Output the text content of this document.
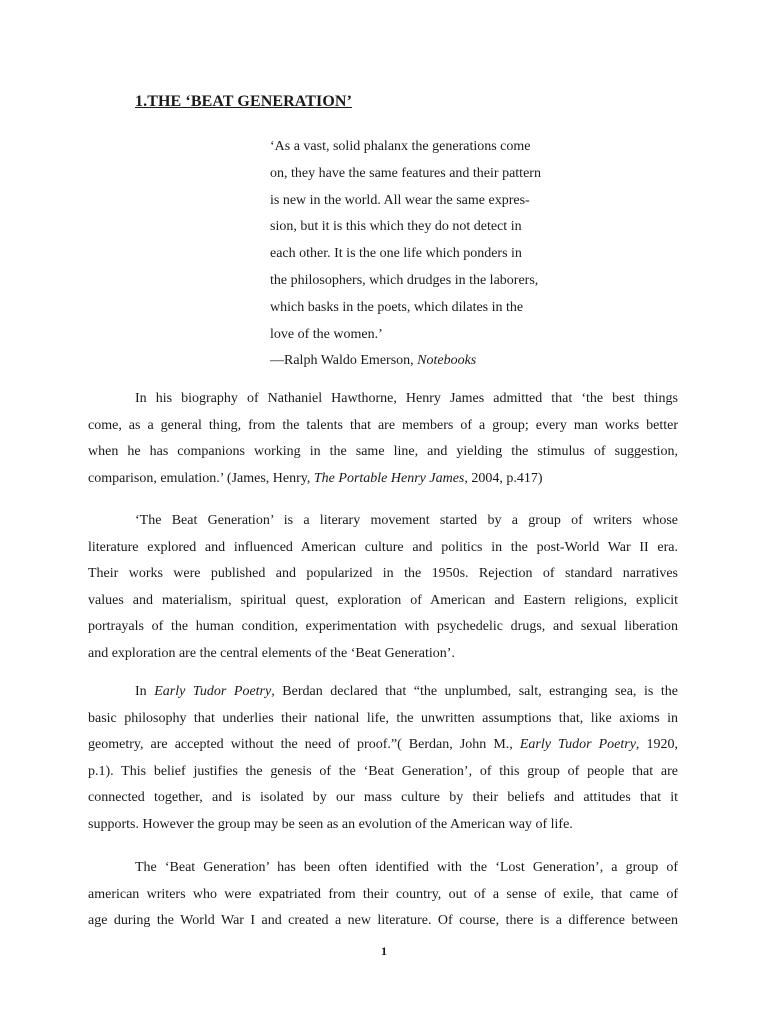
1.THE ‘BEAT GENERATION’
‘As a vast, solid phalanx the generations come
on, they have the same features and their pattern
is new in the world. All wear the same expres-
sion, but it is this which they do not detect in
each other. It is the one life which ponders in
the philosophers, which drudges in the laborers,
which basks in the poets, which dilates in the
love of the women.’
—Ralph Waldo Emerson, Notebooks
In his biography of Nathaniel Hawthorne, Henry James admitted that ‘the best things
come, as a general thing, from the talents that are members of a group; every man works better
when he has companions working in the same line, and yielding the stimulus of suggestion,
comparison, emulation.’ (James, Henry, The Portable Henry James, 2004, p.417)
‘The Beat Generation’ is a literary movement started by a group of writers whose
literature explored and influenced American culture and politics in the post-World War II era.
Their works were published and popularized in the 1950s. Rejection of standard narratives
values and materialism, spiritual quest, exploration of American and Eastern religions, explicit
portrayals of the human condition, experimentation with psychedelic drugs, and sexual liberation
and exploration are the central elements of the ‘Beat Generation’.
In Early Tudor Poetry, Berdan declared that “the unplumbed, salt, estranging sea, is the
basic philosophy that underlies their national life, the unwritten assumptions that, like axioms in
geometry, are accepted without the need of proof.”( Berdan, John M., Early Tudor Poetry, 1920,
p.1). This belief justifies the genesis of the ‘Beat Generation’, of this group of people that are
connected together, and is isolated by our mass culture by their beliefs and attitudes that it
supports. However the group may be seen as an evolution of the American way of life.
The ‘Beat Generation’ has been often identified with the ‘Lost Generation’, a group of
american writers who were expatriated from their country, out of a sense of exile, that came of
age during the World War I and created a new literature. Of course, there is a difference between
1
